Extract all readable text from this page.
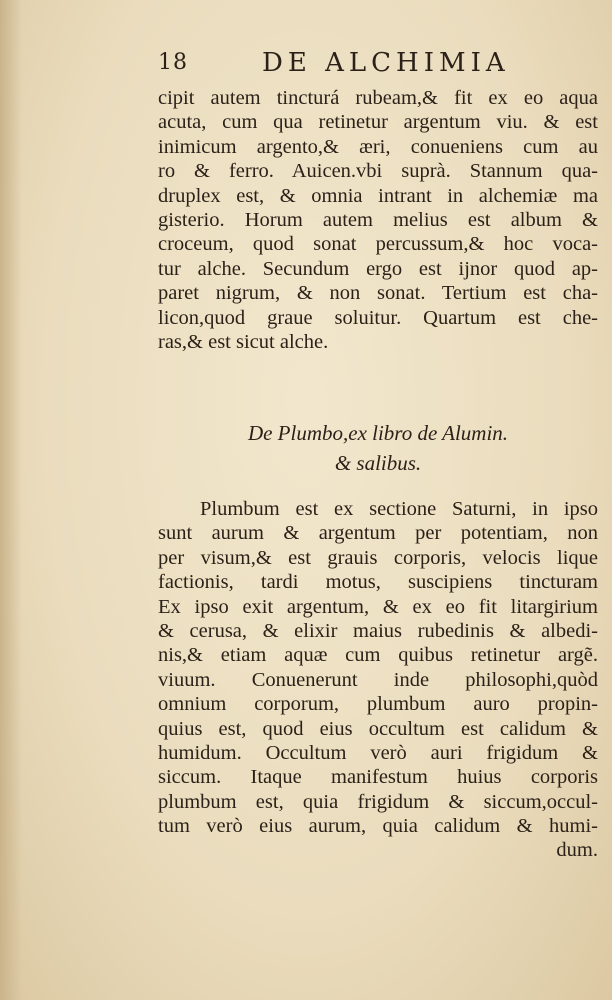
18	DE ALCHIMIA
cipit autem tincturá rubeam,& fit ex eo aqua
acuta, cum qua retinetur argentum viu. & est
inimicum argento,& æri, conueniens cum au
ro & ferro. Auicen.vbi suprà. Stannum qua-
druplex est, & omnia intrant in alchemiæ ma
gisterio. Horum autem melius est album &
croceum, quod sonat percussum,& hoc voca-
tur alche. Secundum ergo est ijnor quod ap-
paret nigrum, & non sonat. Tertium est cha-
licon,quod graue soluitur. Quartum est che-
ras,& est sicut alche.
De Plumbo,ex libro de Alumin.
& salibus.
Plumbum est ex sectione Saturni, in ipso
sunt aurum & argentum per potentiam, non
per visum,& est grauis corporis, velocis lique
factionis, tardi motus, suscipiens tincturam
Ex ipso exit argentum, & ex eo fit litargirium
& cerusa, & elixir maius rubedinis & albedi-
nis,& etiam aquæ cum quibus retinetur argẽ.
viuum. Conuenerunt inde philosophi,quòd
omnium corporum, plumbum auro propin-
quius est, quod eius occultum est calidum &
humidum. Occultum verò auri frigidum &
siccum. Itaque manifestum huius corporis
plumbum est, quia frigidum & siccum,occul-
tum verò eius aurum, quia calidum & humi-
dum.
